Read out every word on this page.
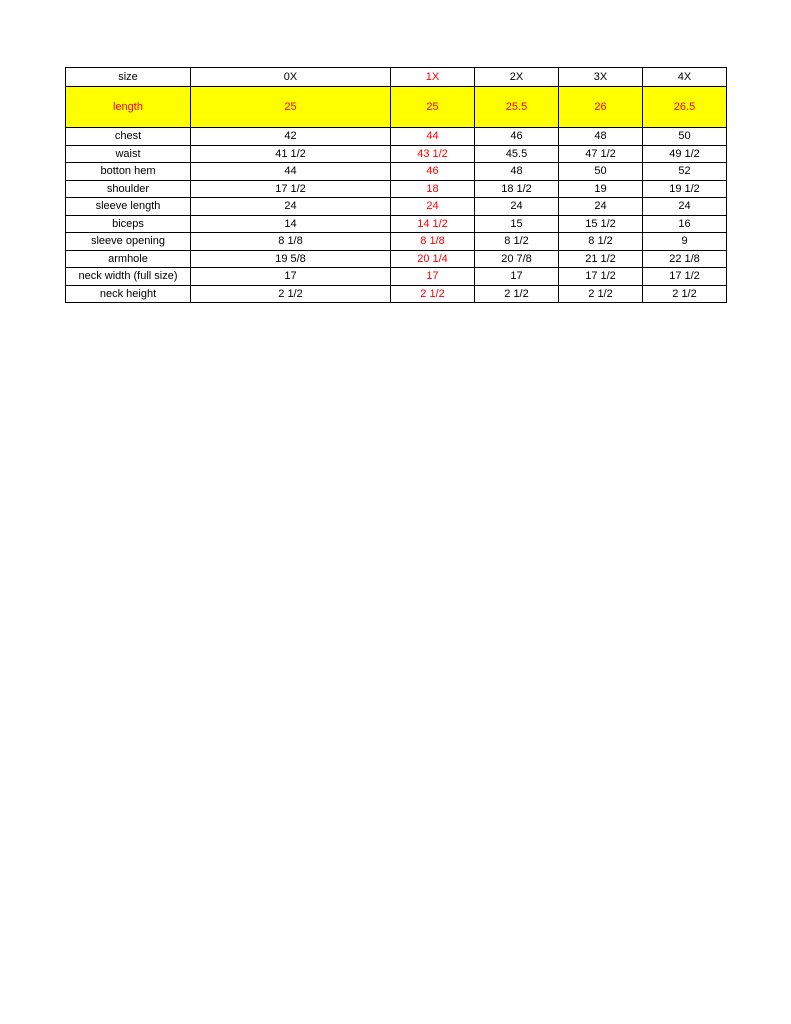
size	0X	1X	2X	3X	4X
length	25	25	25.5	26	26.5
chest	42	44	46	48	50
waist	41 1/2	43 1/2	45.5	47 1/2	49 1/2
botton hem	44	46	48	50	52
shoulder	17 1/2	18	18 1/2	19	19 1/2
sleeve length	24	24	24	24	24
biceps	14	14 1/2	15	15 1/2	16
sleeve opening	8 1/8	8 1/8	8 1/2	8 1/2	9
armhole	19 5/8	20 1/4	20 7/8	21 1/2	22 1/8
neck width (full size)	17	17	17	17 1/2	17 1/2
neck height	2 1/2	2 1/2	2 1/2	2 1/2	2 1/2
